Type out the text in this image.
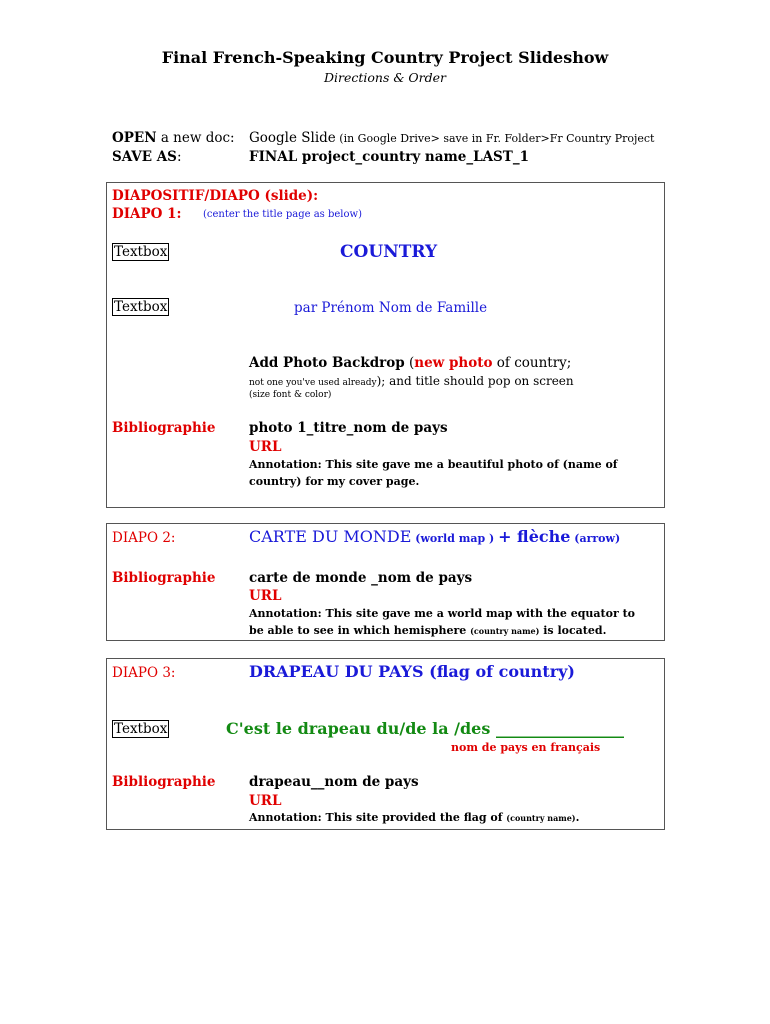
Final French-Speaking Country Project Slideshow
Directions & Order
OPEN a new doc: Google Slide (in Google Drive> save in Fr. Folder>Fr Country Project
SAVE AS:	FINAL project_country name_LAST_1
DIAPOSITIF/DIAPO (slide):
DIAPO 1: (center the title page as below)
Textbox	COUNTRY
Textbox	par Prénom Nom de Famille
Add Photo Backdrop (new photo of country;
not one you've used already); and title should pop on screen
(size font & color)
Bibliographie photo 1_titre_nom de pays
URL
Annotation: This site gave me a beautiful photo of (name of
country) for my cover page.
DIAPO 2:	CARTE DU MONDE (world map ) + flèche (arrow)
Bibliographie carte de monde _nom de pays
URL
Annotation: This site gave me a world map with the equator to
be able to see in which hemisphere (country name) is located.
DIAPO 3:	DRAPEAU DU PAYS (flag of country)
Textbox	C'est le drapeau du/de la /des ________________
nom de pays en français
Bibliographie drapeau__nom de pays
URL
Annotation: This site provided the flag of (country name).
